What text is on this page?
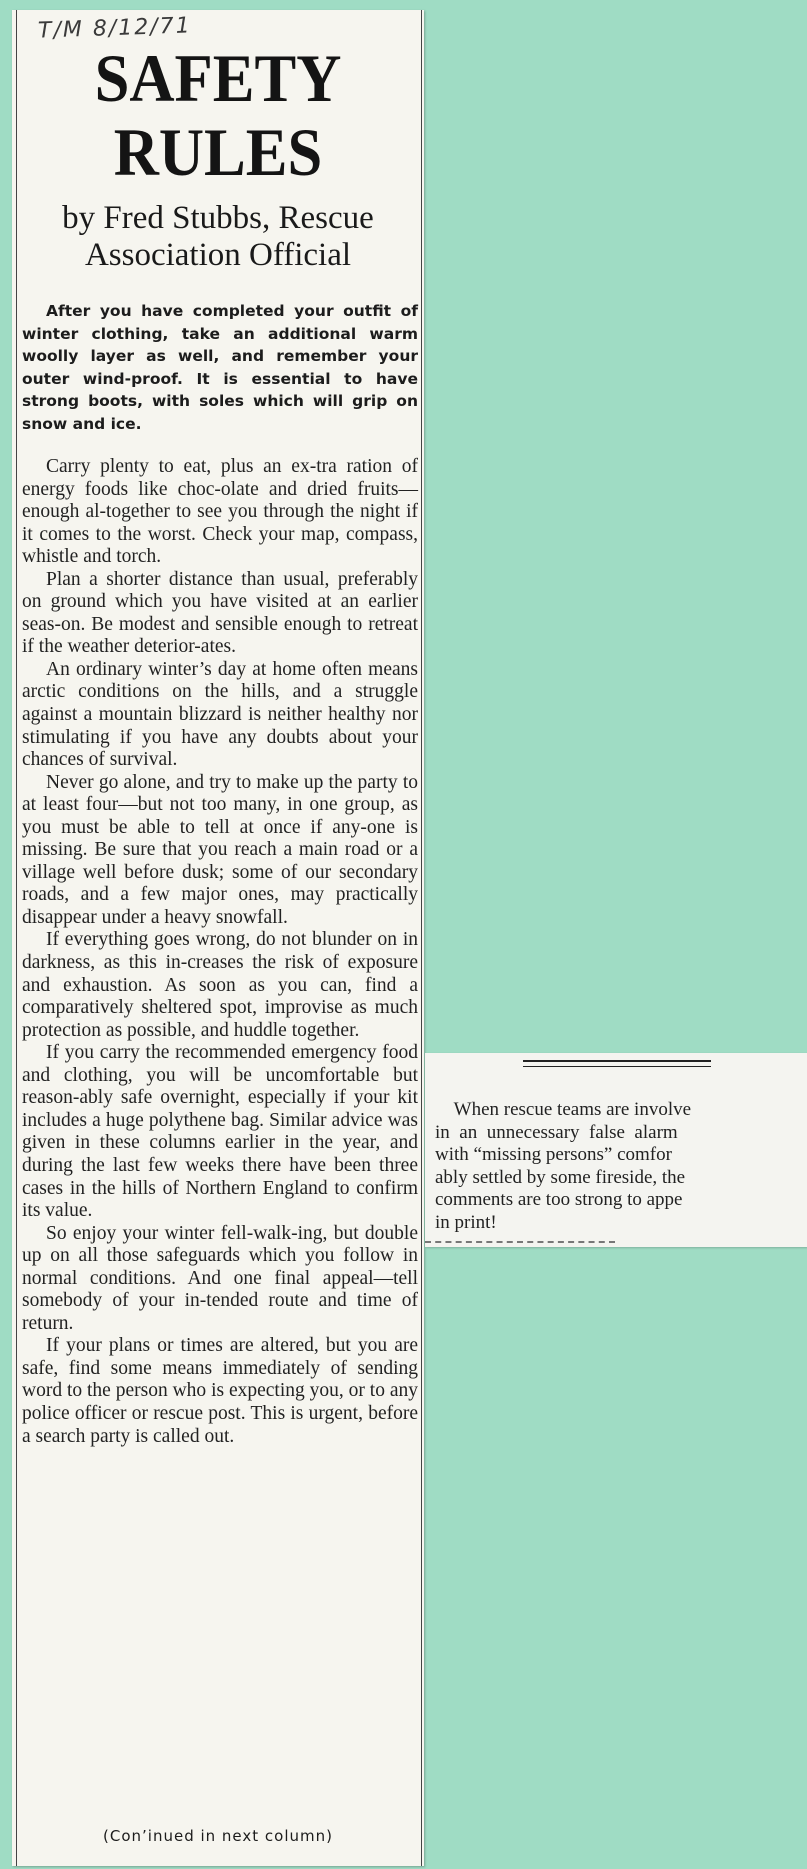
T/M 8/12/71
SAFETY
RULES
by Fred Stubbs, Rescue
Association Official

After you have completed your outfit of winter clothing, take an additional warm woolly layer as well, and remember your outer wind-proof. It is essential to have strong boots, with soles which will grip on snow and ice.

Carry plenty to eat, plus an ex-tra ration of energy foods like choc-olate and dried fruits—enough al-together to see you through the night if it comes to the worst. Check your map, compass, whistle and torch.

Plan a shorter distance than usual, preferably on ground which you have visited at an earlier seas-on. Be modest and sensible enough to retreat if the weather deterior-ates.

An ordinary winter’s day at home often means arctic conditions on the hills, and a struggle against a mountain blizzard is neither healthy nor stimulating if you have any doubts about your chances of survival.

Never go alone, and try to make up the party to at least four—but not too many, in one group, as you must be able to tell at once if any-one is missing. Be sure that you reach a main road or a village well before dusk; some of our secondary roads, and a few major ones, may practically disappear under a heavy snowfall.

If everything goes wrong, do not blunder on in darkness, as this in-creases the risk of exposure and exhaustion. As soon as you can, find a comparatively sheltered spot, improvise as much protection as possible, and huddle together.

If you carry the recommended emergency food and clothing, you will be uncomfortable but reason-ably safe overnight, especially if your kit includes a huge polythene bag. Similar advice was given in these columns earlier in the year, and during the last few weeks there have been three cases in the hills of Northern England to confirm its value.

So enjoy your winter fell-walk-ing, but double up on all those safeguards which you follow in normal conditions. And one final appeal—tell somebody of your in-tended route and time of return.

If your plans or times are altered, but you are safe, find some means immediately of sending word to the person who is expecting you, or to any police officer or rescue post. This is urgent, before a search party is called out.

(Con’inued in next column)
When rescue teams are involve
in  an  unnecessary  false  alarm
with “missing persons” comfor
ably settled by some fireside, the
comments are too strong to appe
in print!
